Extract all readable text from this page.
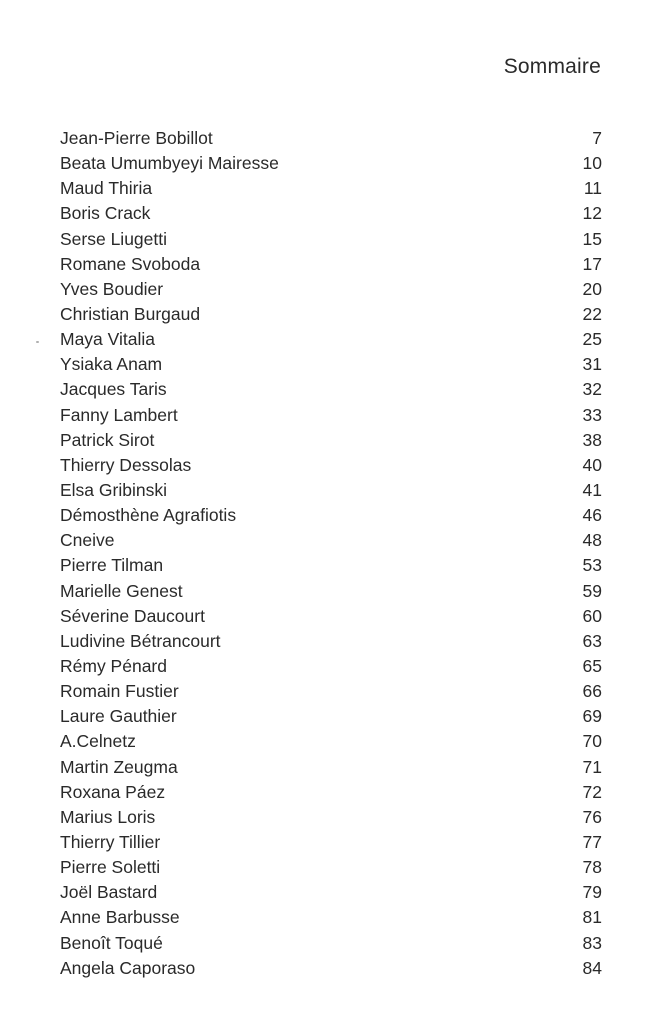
Sommaire
Jean-Pierre Bobillot	7
Beata Umumbyeyi Mairesse	10
Maud Thiria	11
Boris Crack	12
Serse Liugetti	15
Romane Svoboda	17
Yves Boudier	20
Christian Burgaud	22
Maya Vitalia	25
Ysiaka Anam	31
Jacques Taris	32
Fanny Lambert	33
Patrick Sirot	38
Thierry Dessolas	40
Elsa Gribinski	41
Démosthène Agrafiotis	46
Cneive	48
Pierre Tilman	53
Marielle Genest	59
Séverine Daucourt	60
Ludivine Bétrancourt	63
Rémy Pénard	65
Romain Fustier	66
Laure Gauthier	69
A.Celnetz	70
Martin Zeugma	71
Roxana Páez	72
Marius Loris	76
Thierry Tillier	77
Pierre Soletti	78
Joël Bastard	79
Anne Barbusse	81
Benoît Toqué	83
Angela Caporaso	84
